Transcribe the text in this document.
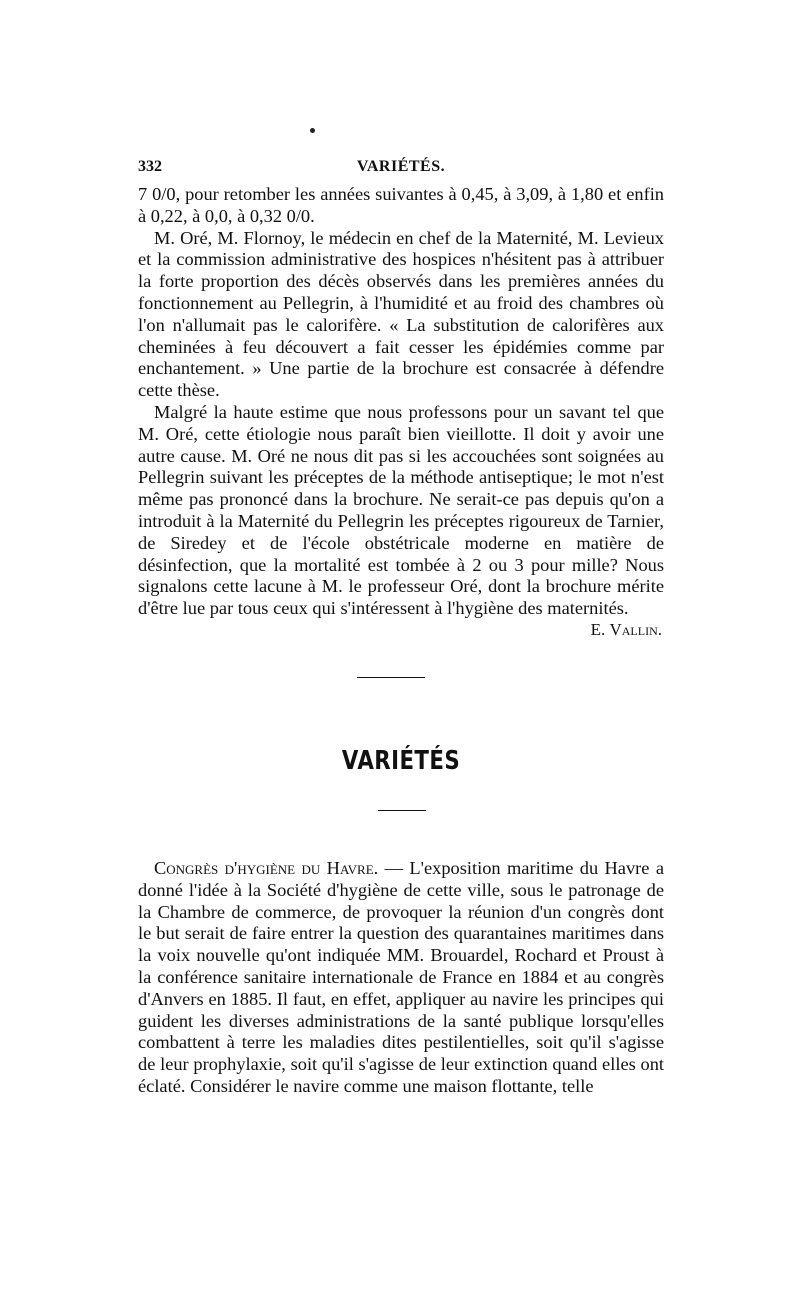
332	VARIÉTÉS.

7 0/0, pour retomber les années suivantes à 0,45, à 3,09, à 1,80 et enfin à 0,22, à 0,0, à 0,32 0/0.

M. Oré, M. Flornoy, le médecin en chef de la Maternité, M. Levieux et la commission administrative des hospices n'hésitent pas à attribuer la forte proportion des décès observés dans les premières années du fonctionnement au Pellegrin, à l'humidité et au froid des chambres où l'on n'allumait pas le calorifère. « La substitution de calorifères aux cheminées à feu découvert a fait cesser les épidémies comme par enchantement. » Une partie de la brochure est consacrée à défendre cette thèse.

Malgré la haute estime que nous professons pour un savant tel que M. Oré, cette étiologie nous paraît bien vieillotte. Il doit y avoir une autre cause. M. Oré ne nous dit pas si les accouchées sont soignées au Pellegrin suivant les préceptes de la méthode antiseptique; le mot n'est même pas prononcé dans la brochure. Ne serait-ce pas depuis qu'on a introduit à la Maternité du Pellegrin les préceptes rigoureux de Tarnier, de Siredey et de l'école obstétricale moderne en matière de désinfection, que la mortalité est tombée à 2 ou 3 pour mille? Nous signalons cette lacune à M. le professeur Oré, dont la brochure mérite d'être lue par tous ceux qui s'intéressent à l'hygiène des maternités.

E. Vallin.
VARIÉTÉS

Congrès d'hygiène du Havre. — L'exposition maritime du Havre a donné l'idée à la Société d'hygiène de cette ville, sous le patronage de la Chambre de commerce, de provoquer la réunion d'un congrès dont le but serait de faire entrer la question des quarantaines maritimes dans la voix nouvelle qu'ont indiquée MM. Brouardel, Rochard et Proust à la conférence sanitaire internationale de France en 1884 et au congrès d'Anvers en 1885. Il faut, en effet, appliquer au navire les principes qui guident les diverses administrations de la santé publique lorsqu'elles combattent à terre les maladies dites pestilentielles, soit qu'il s'agisse de leur prophylaxie, soit qu'il s'agisse de leur extinction quand elles ont éclaté. Considérer le navire comme une maison flottante, telle
